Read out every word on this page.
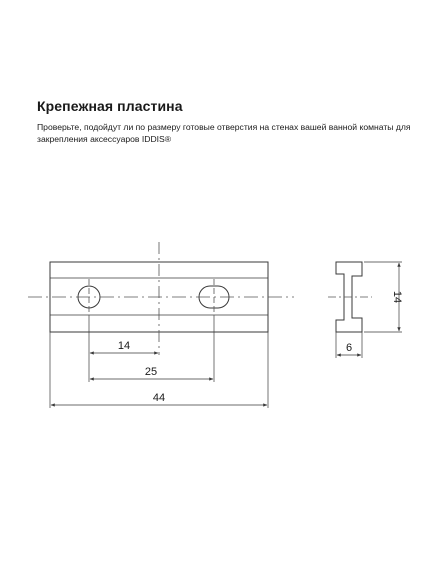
Крепежная пластина
Проверьте, подойдут ли по размеру готовые отверстия на стенах вашей ванной комнаты для закрепления аксессуаров IDDIS®
14
25
44
14
6
